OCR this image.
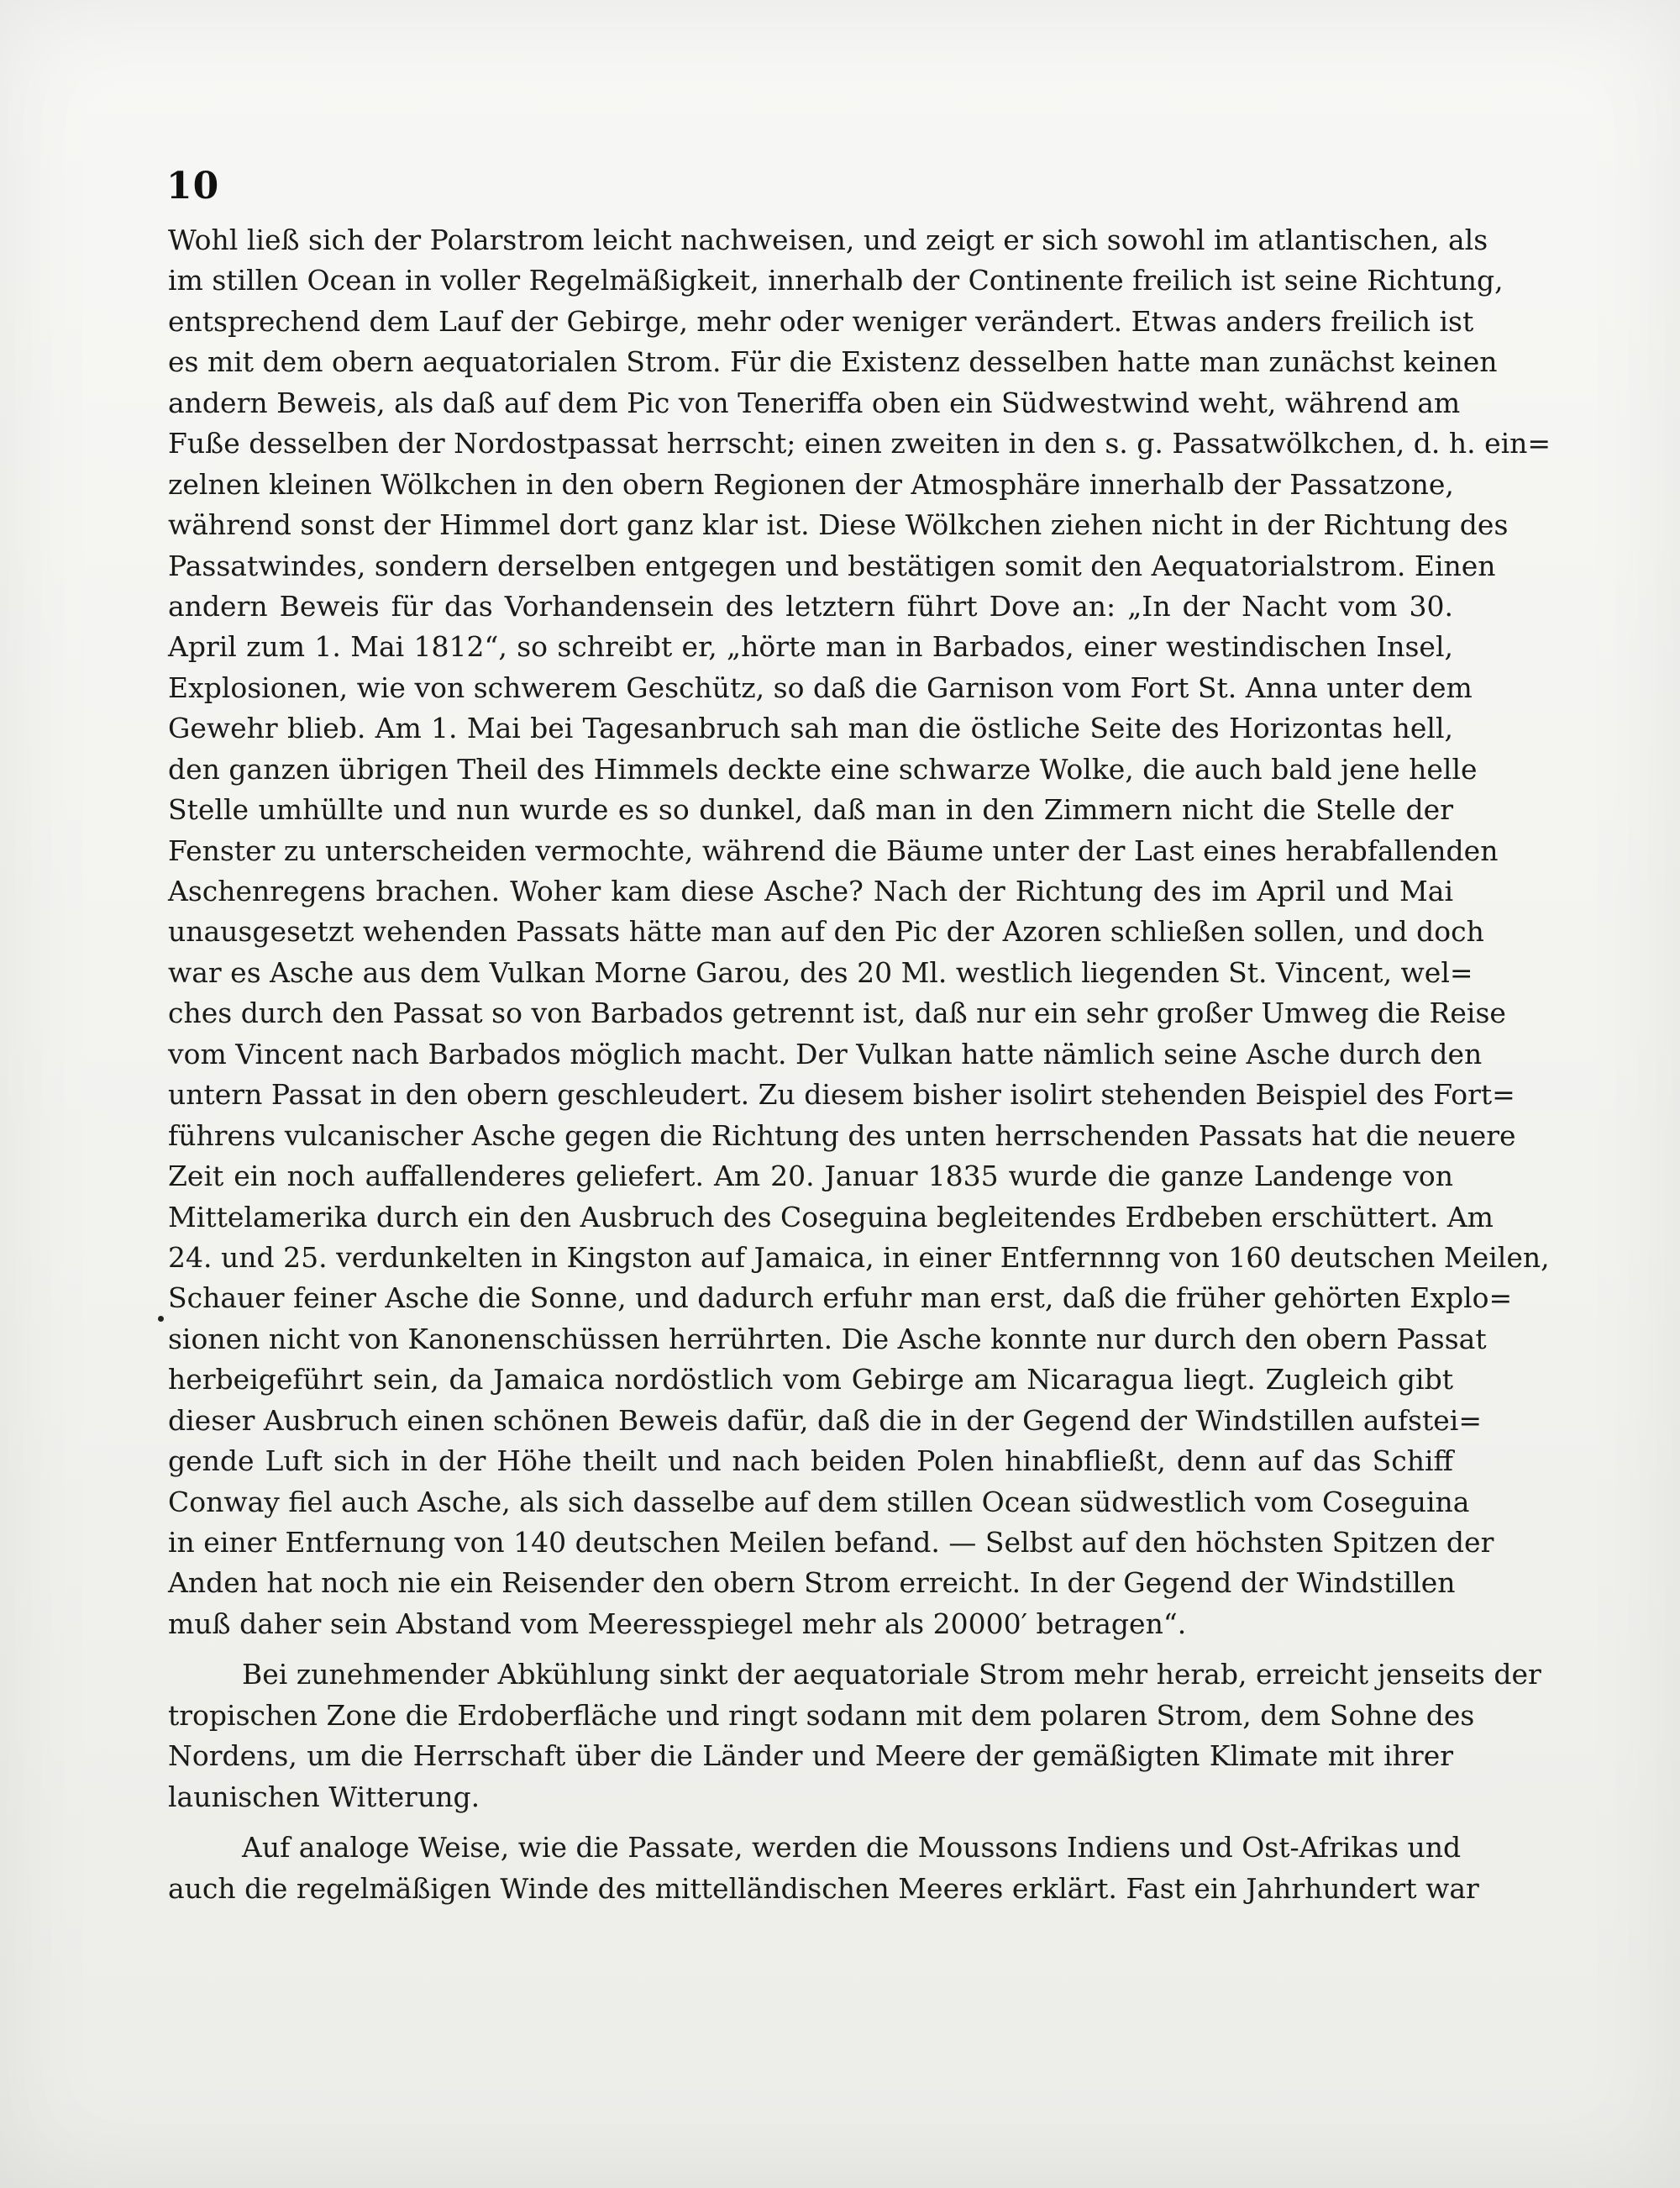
10
Wohl ließ sich der Polarstrom leicht nachweisen, und zeigt er sich sowohl im atlantischen, als
im stillen Ocean in voller Regelmäßigkeit, innerhalb der Continente freilich ist seine Richtung,
entsprechend dem Lauf der Gebirge, mehr oder weniger verändert. Etwas anders freilich ist
es mit dem obern aequatorialen Strom. Für die Existenz desselben hatte man zunächst keinen
andern Beweis, als daß auf dem Pic von Teneriffa oben ein Südwestwind weht, während am
Fuße desselben der Nordostpassat herrscht; einen zweiten in den s. g. Passatwölkchen, d. h. ein=
zelnen kleinen Wölkchen in den obern Regionen der Atmosphäre innerhalb der Passatzone,
während sonst der Himmel dort ganz klar ist. Diese Wölkchen ziehen nicht in der Richtung des
Passatwindes, sondern derselben entgegen und bestätigen somit den Aequatorialstrom. Einen
andern Beweis für das Vorhandensein des letztern führt Dove an: „In der Nacht vom 30.
April zum 1. Mai 1812“, so schreibt er, „hörte man in Barbados, einer westindischen Insel,
Explosionen, wie von schwerem Geschütz, so daß die Garnison vom Fort St. Anna unter dem
Gewehr blieb. Am 1. Mai bei Tagesanbruch sah man die östliche Seite des Horizontas hell,
den ganzen übrigen Theil des Himmels deckte eine schwarze Wolke, die auch bald jene helle
Stelle umhüllte und nun wurde es so dunkel, daß man in den Zimmern nicht die Stelle der
Fenster zu unterscheiden vermochte, während die Bäume unter der Last eines herabfallenden
Aschenregens brachen. Woher kam diese Asche? Nach der Richtung des im April und Mai
unausgesetzt wehenden Passats hätte man auf den Pic der Azoren schließen sollen, und doch
war es Asche aus dem Vulkan Morne Garou, des 20 Ml. westlich liegenden St. Vincent, wel=
ches durch den Passat so von Barbados getrennt ist, daß nur ein sehr großer Umweg die Reise
vom Vincent nach Barbados möglich macht. Der Vulkan hatte nämlich seine Asche durch den
untern Passat in den obern geschleudert. Zu diesem bisher isolirt stehenden Beispiel des Fort=
führens vulcanischer Asche gegen die Richtung des unten herrschenden Passats hat die neuere
Zeit ein noch auffallenderes geliefert. Am 20. Januar 1835 wurde die ganze Landenge von
Mittelamerika durch ein den Ausbruch des Coseguina begleitendes Erdbeben erschüttert. Am
24. und 25. verdunkelten in Kingston auf Jamaica, in einer Entfernnng von 160 deutschen Meilen,
Schauer feiner Asche die Sonne, und dadurch erfuhr man erst, daß die früher gehörten Explo=
sionen nicht von Kanonenschüssen herrührten. Die Asche konnte nur durch den obern Passat
herbeigeführt sein, da Jamaica nordöstlich vom Gebirge am Nicaragua liegt. Zugleich gibt
dieser Ausbruch einen schönen Beweis dafür, daß die in der Gegend der Windstillen aufstei=
gende Luft sich in der Höhe theilt und nach beiden Polen hinabfließt, denn auf das Schiff
Conway fiel auch Asche, als sich dasselbe auf dem stillen Ocean südwestlich vom Coseguina
in einer Entfernung von 140 deutschen Meilen befand. — Selbst auf den höchsten Spitzen der
Anden hat noch nie ein Reisender den obern Strom erreicht. In der Gegend der Windstillen
muß daher sein Abstand vom Meeresspiegel mehr als 20000′ betragen“.
Bei zunehmender Abkühlung sinkt der aequatoriale Strom mehr herab, erreicht jenseits der
tropischen Zone die Erdoberfläche und ringt sodann mit dem polaren Strom, dem Sohne des
Nordens, um die Herrschaft über die Länder und Meere der gemäßigten Klimate mit ihrer
launischen Witterung.
Auf analoge Weise, wie die Passate, werden die Moussons Indiens und Ost-Afrikas und
auch die regelmäßigen Winde des mittelländischen Meeres erklärt. Fast ein Jahrhundert war
